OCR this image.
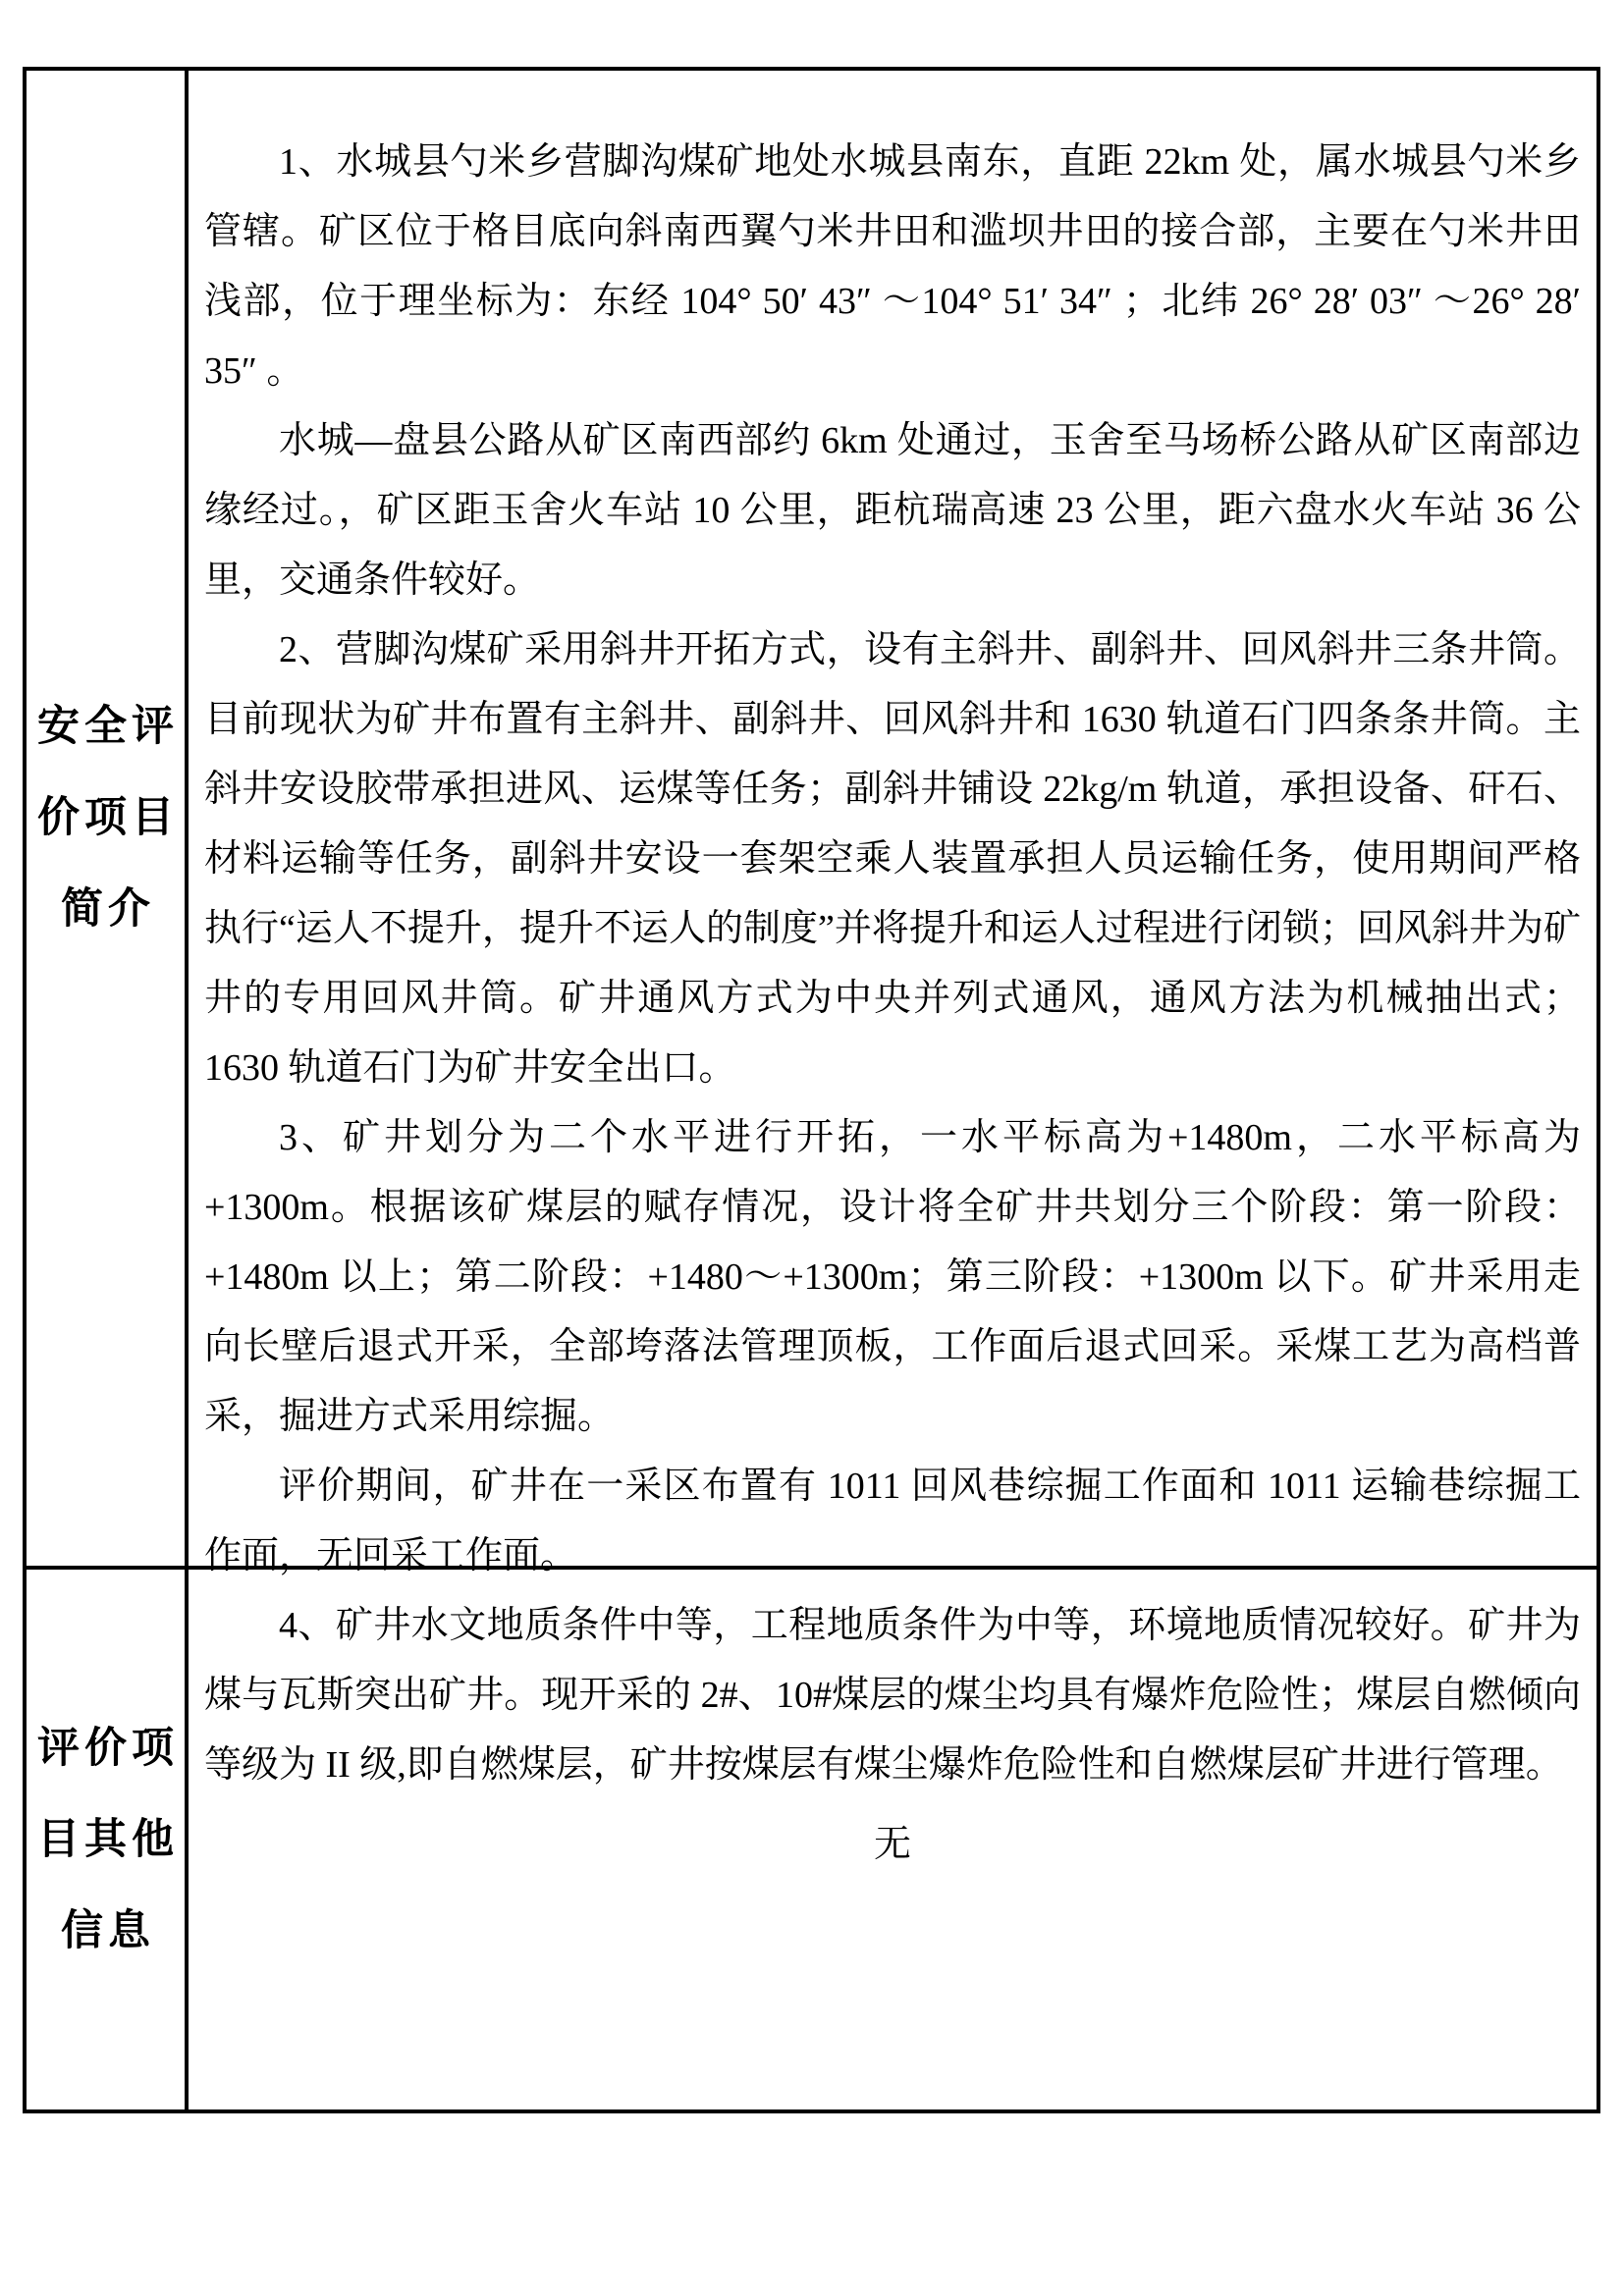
安全评
价项目
简介

1、水城县勺米乡营脚沟煤矿地处水城县南东，直距 22km 处，属水城县勺米乡管辖。矿区位于格目底向斜南西翼勺米井田和滥坝井田的接合部，主要在勺米井田浅部，位于理坐标为：东经 104° 50′ 43″ ～104° 51′ 34″ ；北纬 26° 28′ 03″ ～26° 28′ 35″ 。

水城—盘县公路从矿区南西部约 6km 处通过，玉舍至马场桥公路从矿区南部边缘经过。，矿区距玉舍火车站 10 公里，距杭瑞高速 23 公里，距六盘水火车站 36 公里，交通条件较好。

2、营脚沟煤矿采用斜井开拓方式，设有主斜井、副斜井、回风斜井三条井筒。目前现状为矿井布置有主斜井、副斜井、回风斜井和 1630 轨道石门四条条井筒。主斜井安设胶带承担进风、运煤等任务；副斜井铺设 22kg/m 轨道，承担设备、矸石、材料运输等任务，副斜井安设一套架空乘人装置承担人员运输任务，使用期间严格执行“运人不提升，提升不运人的制度”并将提升和运人过程进行闭锁；回风斜井为矿井的专用回风井筒。矿井通风方式为中央并列式通风，通风方法为机械抽出式；1630 轨道石门为矿井安全出口。

3、矿井划分为二个水平进行开拓，一水平标高为+1480m，二水平标高为+1300m。根据该矿煤层的赋存情况，设计将全矿井共划分三个阶段：第一阶段：+1480m 以上；第二阶段：+1480～+1300m；第三阶段：+1300m 以下。矿井采用走向长壁后退式开采，全部垮落法管理顶板，工作面后退式回采。采煤工艺为高档普采，掘进方式采用综掘。

评价期间，矿井在一采区布置有 1011 回风巷综掘工作面和 1011 运输巷综掘工作面，无回采工作面。

4、矿井水文地质条件中等，工程地质条件为中等，环境地质情况较好。矿井为煤与瓦斯突出矿井。现开采的 2#、10#煤层的煤尘均具有爆炸危险性；煤层自燃倾向等级为 II 级,即自燃煤层，矿井按煤层有煤尘爆炸危险性和自燃煤层矿井进行管理。

评价项
目其他
信息
无
